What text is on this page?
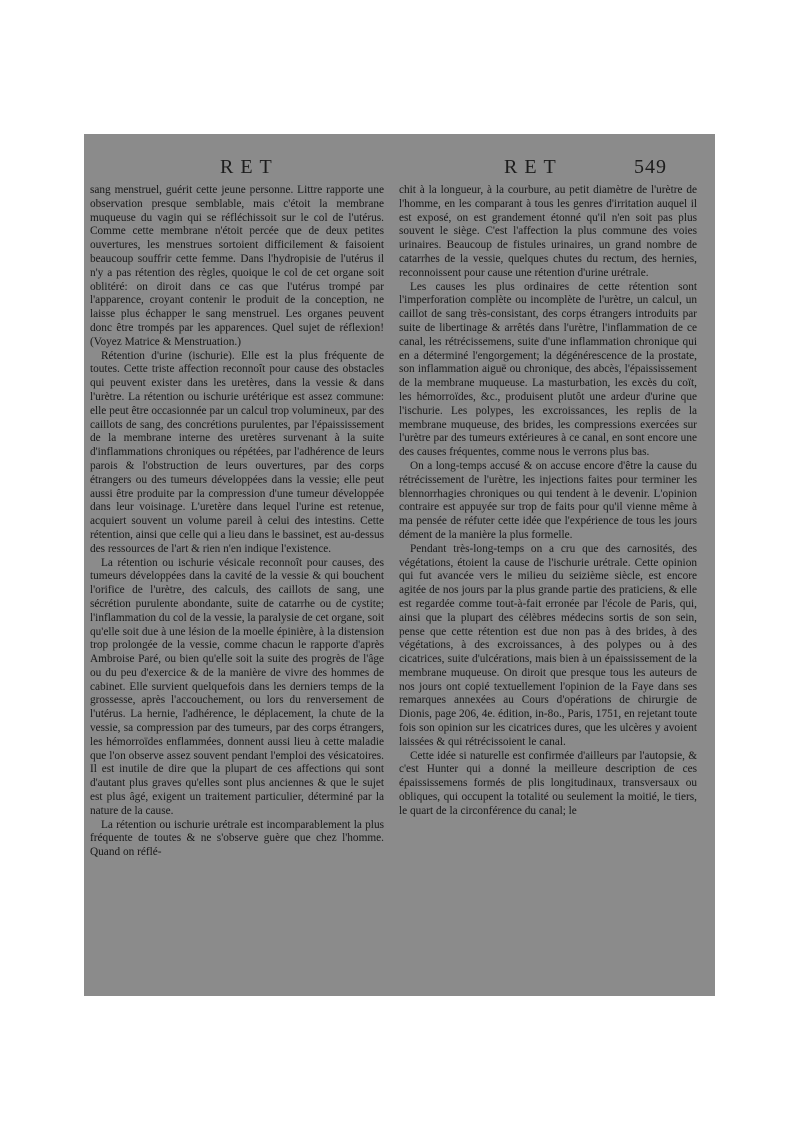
RET	RET	549

sang menstruel, guérit cette jeune personne. Littre rapporte une observation presque semblable, mais c'étoit la membrane muqueuse du vagin qui se réfléchissoit sur le col de l'utérus. Comme cette membrane n'étoit percée que de deux petites ouvertures, les menstrues sortoient difficilement & faisoient beaucoup souffrir cette femme. Dans l'hydropisie de l'utérus il n'y a pas rétention des règles, quoique le col de cet organe soit oblitéré: on diroit dans ce cas que l'utérus trompé par l'apparence, croyant contenir le produit de la conception, ne laisse plus échapper le sang menstruel. Les organes peuvent donc être trompés par les apparences. Quel sujet de réflexion! (Voyez Matrice & Menstruation.)

Rétention d'urine (ischurie). Elle est la plus fréquente de toutes. Cette triste affection reconnoît pour cause des obstacles qui peuvent exister dans les uretères, dans la vessie & dans l'urètre. La rétention ou ischurie urétérique est assez commune: elle peut être occasionnée par un calcul trop volumineux, par des caillots de sang, des concrétions purulentes, par l'épaississement de la membrane interne des uretères survenant à la suite d'inflammations chroniques ou répétées, par l'adhérence de leurs parois & l'obstruction de leurs ouvertures, par des corps étrangers ou des tumeurs développées dans la vessie; elle peut aussi être produite par la compression d'une tumeur développée dans leur voisinage. L'uretère dans lequel l'urine est retenue, acquiert souvent un volume pareil à celui des intestins. Cette rétention, ainsi que celle qui a lieu dans le bassinet, est au-dessus des ressources de l'art & rien n'en indique l'existence.

La rétention ou ischurie vésicale reconnoît pour causes, des tumeurs développées dans la cavité de la vessie & qui bouchent l'orifice de l'urètre, des calculs, des caillots de sang, une sécrétion purulente abondante, suite de catarrhe ou de cystite; l'inflammation du col de la vessie, la paralysie de cet organe, soit qu'elle soit due à une lésion de la moelle épinière, à la distension trop prolongée de la vessie, comme chacun le rapporte d'après Ambroise Paré, ou bien qu'elle soit la suite des progrès de l'âge ou du peu d'exercice & de la manière de vivre des hommes de cabinet. Elle survient quelquefois dans les derniers temps de la grossesse, après l'accouchement, ou lors du renversement de l'utérus. La hernie, l'adhérence, le déplacement, la chute de la vessie, sa compression par des tumeurs, par des corps étrangers, les hémorroïdes enflammées, donnent aussi lieu à cette maladie que l'on observe assez souvent pendant l'emploi des vésicatoires. Il est inutile de dire que la plupart de ces affections qui sont d'autant plus graves qu'elles sont plus anciennes & que le sujet est plus âgé, exigent un traitement particulier, déterminé par la nature de la cause.

La rétention ou ischurie urétrale est incomparablement la plus fréquente de toutes & ne s'observe guère que chez l'homme. Quand on réflé-

chit à la longueur, à la courbure, au petit diamètre de l'urètre de l'homme, en les comparant à tous les genres d'irritation auquel il est exposé, on est grandement étonné qu'il n'en soit pas plus souvent le siège. C'est l'affection la plus commune des voies urinaires. Beaucoup de fistules urinaires, un grand nombre de catarrhes de la vessie, quelques chutes du rectum, des hernies, reconnoissent pour cause une rétention d'urine urétrale.

Les causes les plus ordinaires de cette rétention sont l'imperforation complète ou incomplète de l'urètre, un calcul, un caillot de sang très-consistant, des corps étrangers introduits par suite de libertinage & arrêtés dans l'urètre, l'inflammation de ce canal, les rétrécissemens, suite d'une inflammation chronique qui en a déterminé l'engorgement; la dégénérescence de la prostate, son inflammation aiguë ou chronique, des abcès, l'épaississement de la membrane muqueuse. La masturbation, les excès du coït, les hémorroïdes, &c., produisent plutôt une ardeur d'urine que l'ischurie. Les polypes, les excroissances, les replis de la membrane muqueuse, des brides, les compressions exercées sur l'urètre par des tumeurs extérieures à ce canal, en sont encore une des causes fréquentes, comme nous le verrons plus bas.

On a long-temps accusé & on accuse encore d'être la cause du rétrécissement de l'urètre, les injections faites pour terminer les blennorrhagies chroniques ou qui tendent à le devenir. L'opinion contraire est appuyée sur trop de faits pour qu'il vienne même à ma pensée de réfuter cette idée que l'expérience de tous les jours dément de la manière la plus formelle.

Pendant très-long-temps on a cru que des carnosités, des végétations, étoient la cause de l'ischurie urétrale. Cette opinion qui fut avancée vers le milieu du seizième siècle, est encore agitée de nos jours par la plus grande partie des praticiens, & elle est regardée comme tout-à-fait erronée par l'école de Paris, qui, ainsi que la plupart des célèbres médecins sortis de son sein, pense que cette rétention est due non pas à des brides, à des végétations, à des excroissances, à des polypes ou à des cicatrices, suite d'ulcérations, mais bien à un épaississement de la membrane muqueuse. On diroit que presque tous les auteurs de nos jours ont copié textuellement l'opinion de la Faye dans ses remarques annexées au Cours d'opérations de chirurgie de Dionis, page 206, 4e. édition, in-8o., Paris, 1751, en rejetant toute fois son opinion sur les cicatrices dures, que les ulcères y avoient laissées & qui rétrécissoient le canal.

Cette idée si naturelle est confirmée d'ailleurs par l'autopsie, & c'est Hunter qui a donné la meilleure description de ces épaississemens formés de plis longitudinaux, transversaux ou obliques, qui occupent la totalité ou seulement la moitié, le tiers, le quart de la circonférence du canal; le
